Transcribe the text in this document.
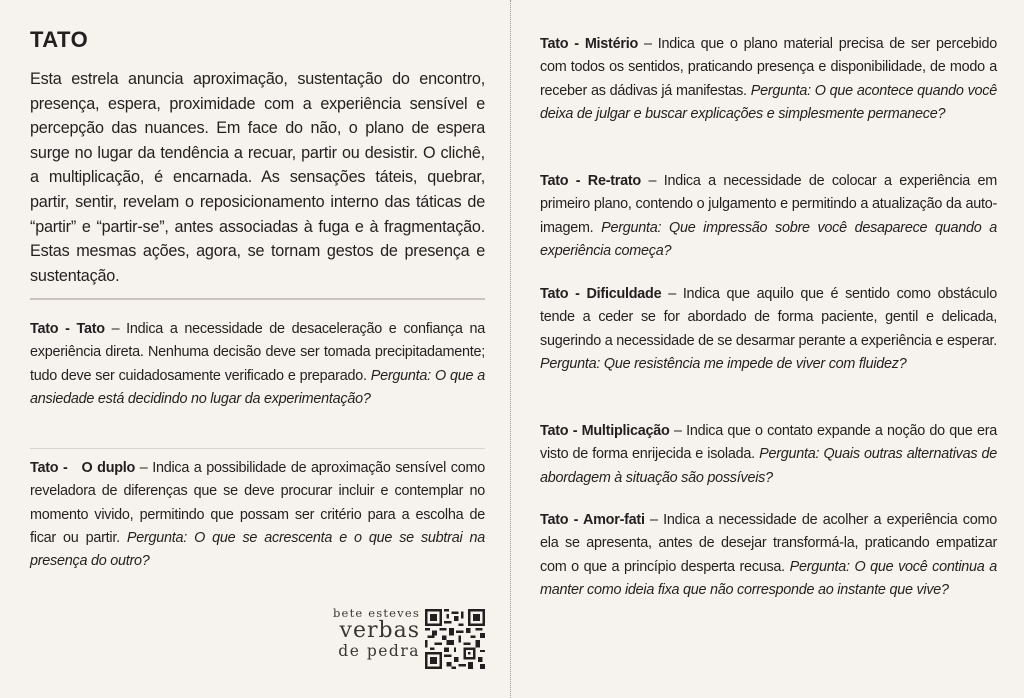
TATO
Esta estrela anuncia aproximação, sustentação do encontro, presença, espera, proximidade com a experiência sensível e percepção das nuances. Em face do não, o plano de espera surge no lugar da tendência a recuar, partir ou desistir. O clichê, a multiplicação, é encarnada. As sensações táteis, quebrar, partir, sentir, revelam o reposicionamento interno das táticas de “partir” e “partir-se”, antes associadas à fuga e à fragmentação. Estas mesmas ações, agora, se tornam gestos de presença e sustentação.
Tato - Tato – Indica a necessidade de desaceleração e confiança na experiência direta. Nenhuma decisão deve ser tomada precipitadamente; tudo deve ser cuidadosamente verificado e preparado. Pergunta: O que a ansiedade está decidindo no lugar da experimentação?
Tato -   O duplo – Indica a possibilidade de aproximação sensível como reveladora de diferenças que se deve procurar incluir e contemplar no momento vivido, permitindo que possam ser critério para a escolha de ficar ou partir. Pergunta: O que se acrescenta e o que se subtrai na presença do outro?
bete esteves
verbas
de pedra
Tato - Mistério – Indica que o plano material precisa de ser percebido com todos os sentidos, praticando presença e disponibilidade, de modo a receber as dádivas já manifestas. Pergunta: O que acontece quando você deixa de julgar e buscar explicações e simplesmente permanece?
Tato - Re-trato – Indica a necessidade de colocar a experiência em primeiro plano, contendo o julgamento e permitindo a atualização da auto-imagem. Pergunta: Que impressão sobre você desaparece quando a experiência começa?
Tato - Dificuldade – Indica que aquilo que é sentido como obstáculo tende a ceder se for abordado de forma paciente, gentil e delicada, sugerindo a necessidade de se desarmar perante a experiência e esperar. Pergunta: Que resistência me impede de viver com fluidez?
Tato - Multiplicação – Indica que o contato expande a noção do que era visto de forma enrijecida e isolada. Pergunta: Quais outras alternativas de abordagem à situação são possíveis?
Tato - Amor-fati – Indica a necessidade de acolher a experiência como ela se apresenta, antes de desejar transformá-la, praticando empatizar com o que a princípio desperta recusa. Pergunta: O que você continua a manter como ideia fixa que não corresponde ao instante que vive?
